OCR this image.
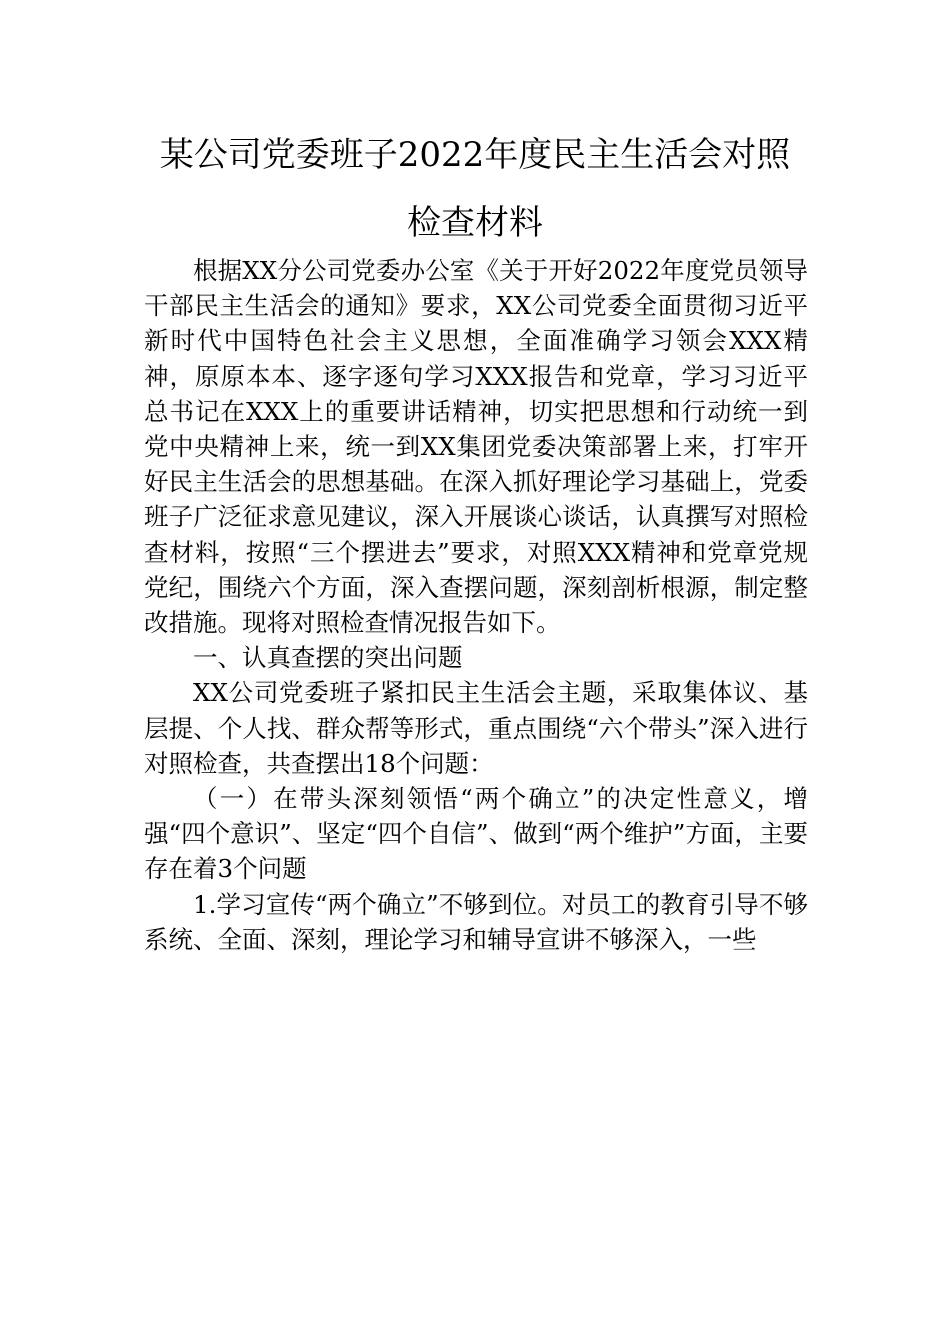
某公司党委班子2022年度民主生活会对照
检查材料

根据XX分公司党委办公室《关于开好2022年度党员领导干部民主生活会的通知》要求，XX公司党委全面贯彻习近平新时代中国特色社会主义思想，全面准确学习领会XXX精神，原原本本、逐字逐句学习XXX报告和党章，学习习近平总书记在XXX上的重要讲话精神，切实把思想和行动统一到党中央精神上来，统一到XX集团党委决策部署上来，打牢开好民主生活会的思想基础。在深入抓好理论学习基础上，党委班子广泛征求意见建议，深入开展谈心谈话，认真撰写对照检查材料，按照“三个摆进去”要求，对照XXX精神和党章党规党纪，围绕六个方面，深入查摆问题，深刻剖析根源，制定整改措施。现将对照检查情况报告如下。

一、认真查摆的突出问题

XX公司党委班子紧扣民主生活会主题，采取集体议、基层提、个人找、群众帮等形式，重点围绕“六个带头”深入进行对照检查，共查摆出18个问题：

（一）在带头深刻领悟“两个确立”的决定性意义，增强“四个意识”、坚定“四个自信”、做到“两个维护”方面，主要存在着3个问题

1.学习宣传“两个确立”不够到位。对员工的教育引导不够系统、全面、深刻，理论学习和辅导宣讲不够深入，一些
